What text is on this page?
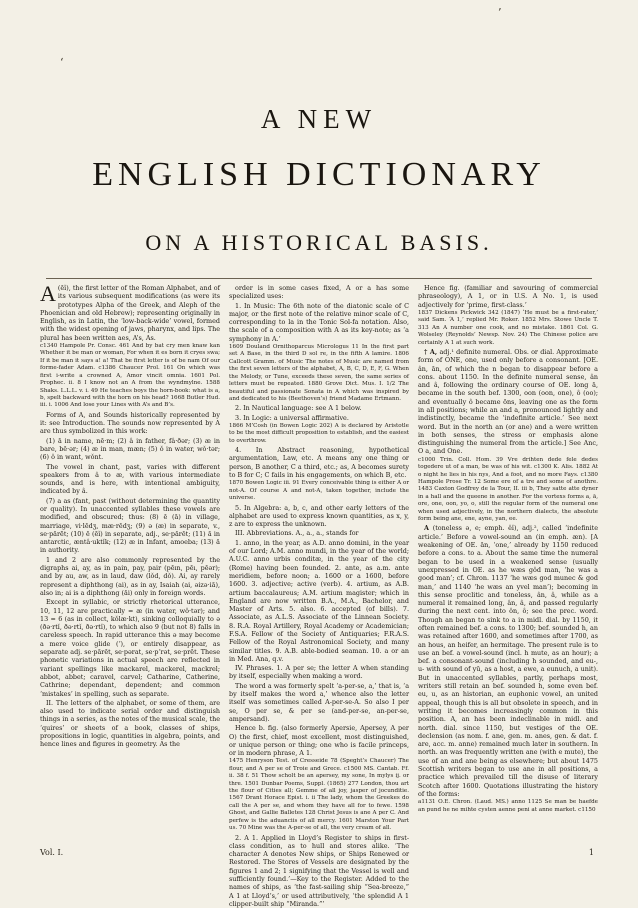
‘
’
A NEW
ENGLISH DICTIONARY
ON A HISTORICAL BASIS.

A (ēĭ), the first letter of the Roman Alphabet, and of its various subsequent modifications (as were its prototypes Alpha of the Greek, and Aleph of the Phoenician and old Hebrew); representing originally in English, as in Latin, the ‘low-back-wide’ vowel, formed with the widest opening of jaws, pharynx, and lips. The plural has been written aes, A’s, As.

c1340 Hampole Pr. Consc. 461 And by bat cry men knaw kan Whether it be man or woman, For when it es born it cryes swa; If it be man it says a! a! That be first letter is of be nam Of our forme-fader Adam. c1386 Chaucer Prol. 161 On which was first i-write a crowned A, Amor vincit omnia. 1601 Pol. Prophec. ii. 8 I know not an A from the wyndmylne. 1588 Shaks. L.L.L. v. i. 49 He teaches boys the horn-book: what is a, b, spelt backward with the horn on his head? 1668 Butler Hud. iii. i. 1006 And lose your Lines with A’s and B’s.

Forms of A, and Sounds historically represented by it: see Introduction. The sounds now represented by A are thus symbolized in this work:

(1) ā in name, nē·m; (2) â in father, fâ·ðər; (3) æ in bare, bē·ər; (4) æ in man, mæn; (5) ǒ in water, wǒ·tər; (6) ǒ in want, wǒnt.

The vowel in chant, past, varies with different speakers from â to æ, with various intermediate sounds, and is here, with intentional ambiguity, indicated by â.

(7) a as (fant, past (without determining the quantity or quality). In unaccented syllables these vowels are modified, and obscured; thus: (8) ē (ā) in village, marriage, vi·lēdʒ, mæ·rēdʒ; (9) ə (æ) in separate, v., se·părẽt; (10) ē (ēĭ) in separate, adj., se·părēt; (11) ă in antarctic, æntâ·uktĭk; (12) æ in Infant, amoeba; (13) ă in authority.

1 and 2 are also commonly represented by the digraphs ai, ay, as in pain, pay, pair (pēın, pēı, pēər); and by au, aw, as in laud, daw (lǒd, dǒ). Ai, ay rarely represent a diphthong (ai), as in ay, Isaiah (ai, əizə·iă), also in; ai is a diphthong (ăi) only in foreign words.

Except in syllabic, or strictly rhetorical utterance, 10, 11, 12 are practically = æ (in water, wǒ·tər); and 13 = 6 (as in collect, kǒlæ·kt), sinking colloquially to ə (ðə·rtĭ, ðə·rtĭ, ðə·rtĭ), to which also 9 (but not 8) falls in careless speech. In rapid utterance this ə may become a mere voice glide (ʼ), or entirely disappear, as separate adj. se·părēt, se·pərat, se·pʼrət, se·prēt. These phonetic variations in actual speech are reflected in variant spellings like mackarel, mackerel, mackrel; abbot, abbet; caravel, carvel; Catharine, Catherine, Cathrine; dependant, dependent; and common ‘mistakes’ in spelling, such as separate.

II. The letters of the alphabet, or some of them, are also used to indicate serial order and distinguish things in a series, as the notes of the musical scale, the ‘quires’ or sheets of a book, classes of ships, propositions in logic, quantities in algebra, points, and hence lines and figures in geometry. As the

order is in some cases fixed, A or a has some specialized uses:

1. In Music: The 6th note of the diatonic scale of C major, or the first note of the relative minor scale of C, corresponding to la in the Tonic Sol-fa notation. Also, the scale of a composition with A as its key-note; as ‘a symphony in A.’

1609 Douland Ornithoparcus Micrologus 11 In the first part set A Base, in the third D sol re, in the fifth A lamire. 1806 Callcott Gramm. of Music The notes of Music are named from the first seven letters of the alphabet, A, B, C, D, E, F, G. When the Melody, or Tune, exceeds these seven, the same series of letters must be repeated. 1880 Grove Dict. Mus. I. 1/2 The beautiful and passionate Sonata in A which was inspired by and dedicated to his (Beethoven’s) friend Madame Ertmann.

2. In Nautical language: see A 1 below.

3. In Logic: a universal affirmative.

1866 M’Cosh (in Bowen Logic 202) A is declared by Aristotle to be the most difficult proposition to establish, and the easiest to overthrow.

4. In Abstract reasoning, hypothetical argumentation, Law, etc. A means any one thing or person, B another, C a third, etc.; as, A becomes surety to B for C; C fails in his engagements, on which B, etc.

1870 Bowen Logic iii. 91 Every conceivable thing is either A or not-A. Of course A and not-A, taken together, include the universe.

5. In Algebra: a, b, c, and other early letters of the alphabet are used to express known quantities, as x, y, z are to express the unknown.

III. Abbreviations. A., a., a., stands for

1. anno, in the year, as A.D. anno domini, in the year of our Lord; A.M. anno mundi, in the year of the world; A.U.C. anno urbis conditæ, in the year of the city (Rome) having been founded. 2. ante, as a.m. ante meridiem, before noon; a. 1600 or a 1600, before 1600. 3. adjective; active (verb). 4. artium, as A.B. artium baccalaureus; A.M. artium magister; which in England are now written B.A., M.A., Bachelor, and Master of Arts. 5. also. 6. accepted (of bills). 7. Associate, as A.L.S. Associate of the Linnean Society. 8. R.A. Royal Artillery, Royal Academy or Academician; F.S.A. Fellow of the Society of Antiquaries; F.R.A.S. Fellow of the Royal Astronomical Society, and many similar titles. 9. A.B. able-bodied seaman. 10. a or an in Med. Ana, q.v.

IV. Phrases. 1. A per se; the letter A when standing by itself, especially when making a word.

The word a was formerly spelt ‘a-per-se, a,’ that is, ‘a by itself makes the word a,’ whence also the letter itself was sometimes called A-per-se-A. So also I per se, O per se, & per se (and-per-se, an-per-se, ampersand).

Hence b. fig. (also formerly Apersie, Apersey, A per O) the first, chief, most excellent, most distinguished, or unique person or thing; one who is facile princeps, or in modern phrase, A 1.

1475 Henryson Test. of Cresseide 78 (Speght’s Chaucer) The flour, and A per se of Troie and Grece. c1500 MS. Cantab. Ff. ii. 38 f. 51 Thow scholt be an apersey, my sone, In mylys ij. or thre. 1501 Dunbar Poems, Suppl. (1865) 277 London, thou art the flour of Cities all; Gemme of all joy, jasper of jocunditie. 1567 Drant Horace Epist. i. ii The lady, whom the Greekes do call the A per se, and whom they have all for to fewe. 1598 Ghost, and Gallie Balletes 128 Christ Jesus is ane A per C. And perfew is the aduanciis of all mercy. 1601 Marston Your Part us. 70 Mine was the A-per-se of all, the very cream of all.

2. A 1. Applied in Lloyd’s Register to ships in first-class condition, as to hull and stores alike. ‘The character A denotes New ships, or Ships Renewed or Restored. The Stores of Vessels are designated by the figures 1 and 2; 1 signifying that the Vessel is well and sufficiently found.’—Key to the Register. Added to the names of ships, as ‘the fast-sailing ship “Sea-breeze,” A 1 at Lloyd’s,’ or used attributively, ‘the splendid A 1 clipper-built ship “Miranda.”’

Hence fig. (familiar and savouring of commercial phraseology), A 1, or in U.S. A No. 1, is used adjectively for ‘prime, first-class.’

1837 Dickens Pickwick 342 (1847) ‘He must be a first-rater,’ said Sam. ‘A 1,’ replied Mr. Roker. 1852 Mrs. Stowe Uncle T. 313 An A number one cook, and no mistake. 1861 Col. G. Wolseley (Reynolds’ Newsp. Nov. 24) The Chinese police are certainly A 1 at such work.

† A, adj.¹ definite numeral. Obs. or dial. Approximate form of ONE, one, used only before a consonant. [OE. ân, ān, of which the n began to disappear before a cons. about 1150. In the definite numeral sense, ân and â, following the ordinary course of OE. long ā, became in the south bef. 1300, oon (oon, one), ô (oo); and eventually ô became ōns, leaving one as the form in all positions; while an and a, pronounced lightly and indistinctly, became the ‘indefinite article.’ See next word. But in the north an (or ane) and a were written in both senses, the stress or emphasis alone distinguishing the numeral from the article.] See Anc, O a, and One.

c1000 Trin. Coll. Hom. 39 Vre drihten dede fele dedes togedere ut of a man, be was of his wit. c1300 K. Alis. 1882 At o night he lies in his nys, And a foot, and no more Fays. c1380 Hampole Prose Tr. 12 Some ere of a tre and some of anothre. 1483 Caxton Godfrey de la Tour, II. iii b, They satte atte dyner in a hall and the queene in another. For the vortexs forms a, ā, ore, one, oon, yo, o, still the regular form of the numeral one when used adjectively, in the northern dialects, the absolute form being ane, ene, ayne, yan, ee.

A (toneless ə, e; emph. êĭ), adj.², called ‘indefinite article.’ Before a vowel-sound an (in emph. æn). [A weakening of OE. ān, ‘one,’ already by 1150 reduced before a cons. to a. About the same time the numeral began to be used in a weakened sense (usually unexpressed in OE. as he wæs gôd man, ‘he was a good man’; cf. Chron. 1137 ‘he wæs god munec & god man,’ and 1140 ‘he wæs an yvel man’); becoming in this sense proclitic and toneless, ân, â, while as a numeral it remained long, ân, â, and passed regularly during the next cent. into ôn, ô; see the prec. word. Though an began to sink to a in midl. dial. by 1150, it often remained bef. a cons. to 1300; bef. sounded h, an was retained after 1600, and sometimes after 1700, as an hous, an heifer, an hermitage. The present rule is to use an bef. a vowel-sound (incl. h mute, as an hour); a bef. a consonant-sound (including h sounded, and eu-, u- with sound of yū, as a host, a ewe, a eunuch, a unit). But in unaccented syllables, partly, perhaps most, writers still retain an bef. sounded h, some even bef. eu, u, as an historian, an euphonic vowel, an united appeal, though this is all but obsolete in speech, and in writing it becomes increasingly common in this position. A, an has been indeclinable in midl. and north. dial. since 1150, but vestiges of the OE. declension (as nom. f. ane, gen. m. anes, gen. & dat. f. are, acc. m. anne) remained much later in southern. In north. an was frequently written ane (with e mute), the use of an and ane being as elsewhere; but about 1475 Scottish writers began to use ane in all positions, a practice which prevailed till the disuse of literary Scotch after 1600. Quotations illustrating the history of the forms:

a1131 O.E. Chron. (Laud. MS.) anno 1125 Se man be haefde an pund he ne mihte cysten aenne peni at anne market. c1150

Vol. I.	1
